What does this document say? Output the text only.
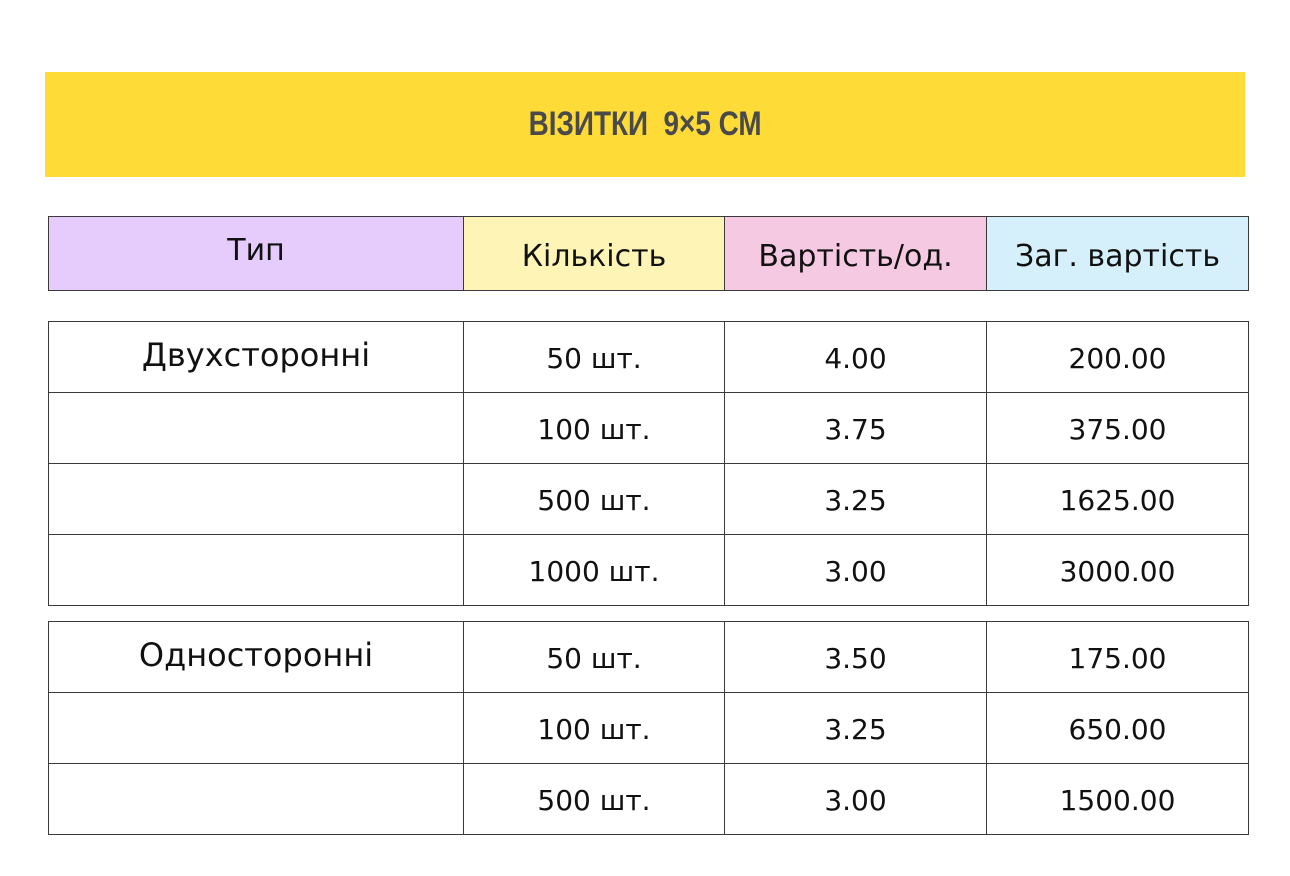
ВІЗИТКИ  9×5 СМ
Тип	Кількість	Вартість/од.	Заг. вартість
Двухсторонні	50 шт.	4.00	200.00
	100 шт.	3.75	375.00
	500 шт.	3.25	1625.00
	1000 шт.	3.00	3000.00
Односторонні	50 шт.	3.50	175.00
	100 шт.	3.25	650.00
	500 шт.	3.00	1500.00
